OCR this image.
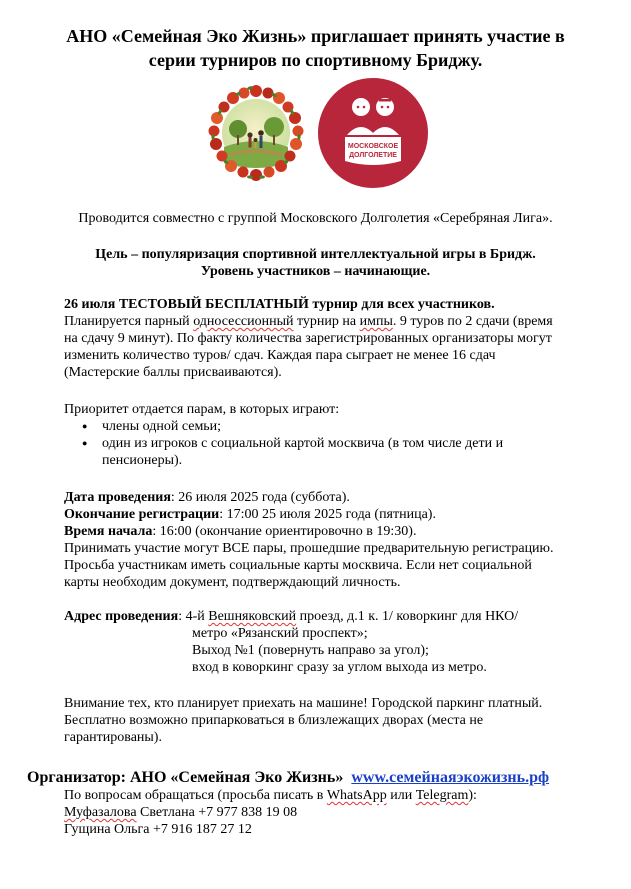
АНО «Семейная Эко Жизнь» приглашает принять участие в
серии турниров по спортивному Бриджу.
МОСКОВСКОЕ
ДОЛГОЛЕТИЕ
Проводится совместно с группой Московского Долголетия «Серебряная Лига».
Цель – популяризация спортивной интеллектуальной игры в Бридж.
Уровень участников – начинающие.
26 июля ТЕСТОВЫЙ БЕСПЛАТНЫЙ турнир для всех участников.
Планируется парный односессионный турнир на импы. 9 туров по 2 сдачи (время
на сдачу 9 минут). По факту количества зарегистрированных организаторы могут
изменить количество туров/ сдач. Каждая пара сыграет не менее 16 сдач
(Мастерские баллы присваиваются).
Приоритет отдается парам, в которых играют:
● члены одной семьи;
● один из игроков с социальной картой москвича (в том числе дети и
пенсионеры).
Дата проведения: 26 июля 2025 года (суббота).
Окончание регистрации: 17:00 25 июля 2025 года (пятница).
Время начала: 16:00 (окончание ориентировочно в 19:30).
Принимать участие могут ВСЕ пары, прошедшие предварительную регистрацию.
Просьба участникам иметь социальные карты москвича. Если нет социальной
карты необходим документ, подтверждающий личность.
Адрес проведения: 4-й Вешняковский проезд, д.1 к. 1/ коворкинг для НКО/
метро «Рязанский проспект»;
Выход №1 (повернуть направо за угол);
вход в коворкинг сразу за углом выхода из метро.
Внимание тех, кто планирует приехать на машине! Городской паркинг платный.
Бесплатно возможно припарковаться в близлежащих дворах (места не
гарантированы).
Организатор: АНО «Семейная Эко Жизнь» www.семейнаяэкожизнь.рф
По вопросам обращаться (просьба писать в WhatsApp или Telegram):
Муфазалова Светлана +7 977 838 19 08
Гущина Ольга +7 916 187 27 12
